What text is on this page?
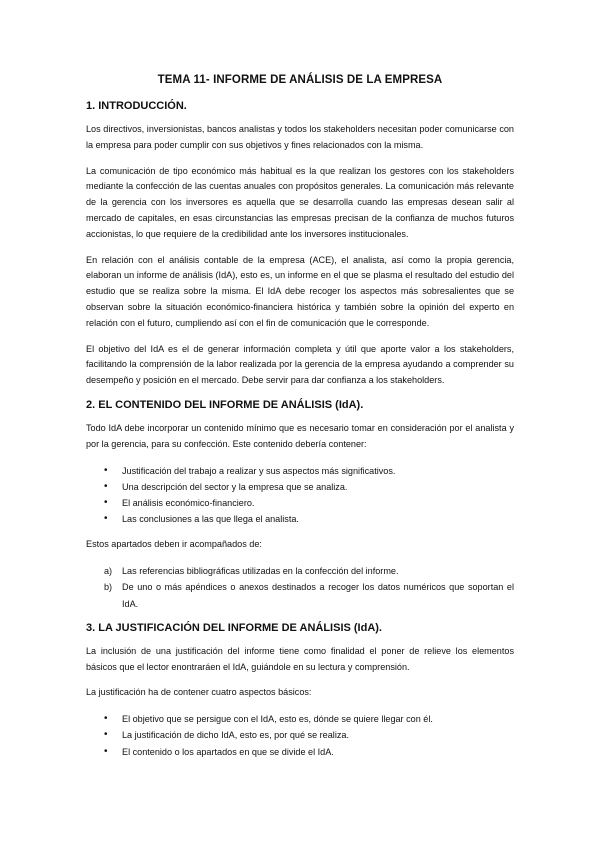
TEMA 11- INFORME DE ANÁLISIS DE LA EMPRESA
1. INTRODUCCIÓN.

Los directivos, inversionistas, bancos analistas y todos los stakeholders necesitan poder comunicarse con la empresa para poder cumplir con sus objetivos y fines relacionados con la misma.

La comunicación de tipo económico más habitual es la que realizan los gestores con los stakeholders mediante la confección de las cuentas anuales con propósitos generales. La comunicación más relevante de la gerencia con los inversores es aquella que se desarrolla cuando las empresas desean salir al mercado de capitales, en esas circunstancias las empresas precisan de la confianza de muchos futuros accionistas, lo que requiere de la credibilidad ante los inversores institucionales.

En relación con el análisis contable de la empresa (ACE), el analista, así como la propia gerencia, elaboran un informe de análisis (IdA), esto es, un informe en el que se plasma el resultado del estudio del estudio que se realiza sobre la misma. El IdA debe recoger los aspectos más sobresalientes que se observan sobre la situación económico-financiera histórica y también sobre la opinión del experto en relación con el futuro, cumpliendo así con el fin de comunicación que le corresponde.

El objetivo del IdA es el de generar información completa y útil que aporte valor a los stakeholders, facilitando la comprensión de la labor realizada por la gerencia de la empresa ayudando a comprender su desempeño y posición en el mercado. Debe servir para dar confianza a los stakeholders.

2. EL CONTENIDO DEL INFORME DE ANÁLISIS (IdA).

Todo IdA debe incorporar un contenido mínimo que es necesario tomar en consideración por el analista y por la gerencia, para su confección. Este contenido debería contener:

• Justificación del trabajo a realizar y sus aspectos más significativos.
• Una descripción del sector y la empresa que se analiza.
• El análisis económico-financiero.
• Las conclusiones a las que llega el analista.

Estos apartados deben ir acompañados de:

a) Las referencias bibliográficas utilizadas en la confección del informe.
b) De uno o más apéndices o anexos destinados a recoger los datos numéricos que soportan el IdA.
3. LA JUSTIFICACIÓN DEL INFORME DE ANÁLISIS (IdA).

La inclusión de una justificación del informe tiene como finalidad el poner de relieve los elementos básicos que el lector enontraráen el IdA, guiándole en su lectura y comprensión.

La justificación ha de contener cuatro aspectos básicos:

• El objetivo que se persigue con el IdA, esto es, dónde se quiere llegar con él.
• La justificación de dicho IdA, esto es, por qué se realiza.
• El contenido o los apartados en que se divide el IdA.
